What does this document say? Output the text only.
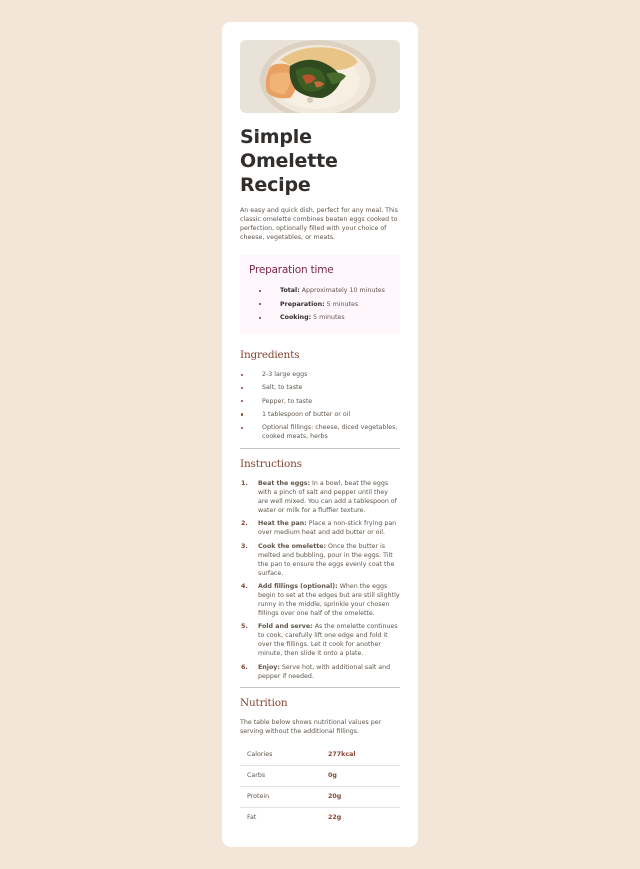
Simple Omelette Recipe

An easy and quick dish, perfect for any meal. This classic omelette combines beaten eggs cooked to perfection, optionally filled with your choice of cheese, vegetables, or meats.

Preparation time
Total: Approximately 10 minutes
Preparation: 5 minutes
Cooking: 5 minutes
Ingredients
2-3 large eggs
Salt, to taste
Pepper, to taste
1 tablespoon of butter or oil
Optional fillings: cheese, diced vegetables, cooked meats, herbs
Instructions
1. Beat the eggs: In a bowl, beat the eggs with a pinch of salt and pepper until they are well mixed. You can add a tablespoon of water or milk for a fluffier texture.
2. Heat the pan: Place a non-stick frying pan over medium heat and add butter or oil.
3. Cook the omelette: Once the butter is melted and bubbling, pour in the eggs. Tilt the pan to ensure the eggs evenly coat the surface.
4. Add fillings (optional): When the eggs begin to set at the edges but are still slightly runny in the middle, sprinkle your chosen fillings over one half of the omelette.
5. Fold and serve: As the omelette continues to cook, carefully lift one edge and fold it over the fillings. Let it cook for another minute, then slide it onto a plate.
6. Enjoy: Serve hot, with additional salt and pepper if needed.
Nutrition

The table below shows nutritional values per serving without the additional fillings.

Calories	277kcal
Carbs	0g
Protein	20g
Fat	22g
